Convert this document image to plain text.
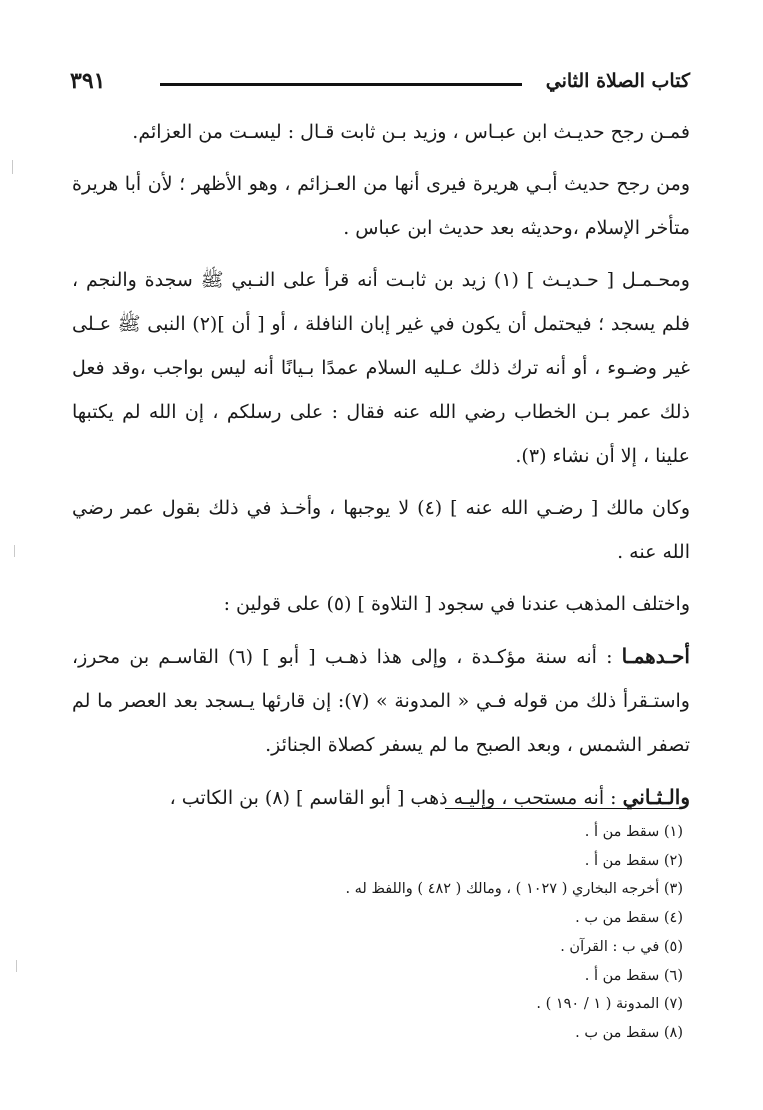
كتاب الصلاة الثاني
٣٩١

فمـن رجح حديـث ابن عبـاس ، وزيد بـن ثابت قـال : ليسـت من العزائم.

ومن رجح حديث أبـي هريرة فيرى أنها من العـزائم ، وهو الأظهر ؛ لأن أبا هريرة متأخر الإسلام ،وحديثه بعد حديث ابن عباس .

ومحـمـل [ حـديـث ] (١) زيد بن ثابـت أنه قرأ على النـبي ﷺ سجدة والنجم ، فلم يسجد ؛ فيحتمل أن يكون في غير إبان النافلة ، أو [ أن ](٢) النبى ﷺ عـلى غير وضـوء ، أو أنه ترك ذلك عـليه السلام عمدًا بـيانًا أنه ليس بواجب ،وقد فعل ذلك عمر بـن الخطاب رضي الله عنه فقال : على رسلكم ، إن الله لم يكتبها علينا ، إلا أن نشاء (٣).

وكان مالك [ رضـي الله عنه ] (٤) لا يوجبها ، وأخـذ في ذلك بقول عمر رضي الله عنه .

واختلف المذهب عندنا في سجود [ التلاوة ] (٥) على قولين :

أحـدهمـا : أنه سنة مؤكـدة ، وإلى هذا ذهـب [ أبو ] (٦) القاسـم بن محرز، واستـقرأ ذلك من قوله فـي « المدونة » (٧): إن قارئها يـسجد بعد العصر ما لم تصفر الشمس ، وبعد الصبح ما لم يسفر كصلاة الجنائز.

والـثـاني : أنه مستحب ، وإليـه ذهب [ أبو القاسم ] (٨) بن الكاتب ،

(١) سقط من أ .
(٢) سقط من أ .
(٣) أخرجه البخاري ( ١٠٢٧ ) ، ومالك ( ٤٨٢ ) واللفظ له .
(٤) سقط من ب .
(٥) في ب : القرآن .
(٦) سقط من أ .
(٧) المدونة ( ١ / ١٩٠ ) .
(٨) سقط من ب .
